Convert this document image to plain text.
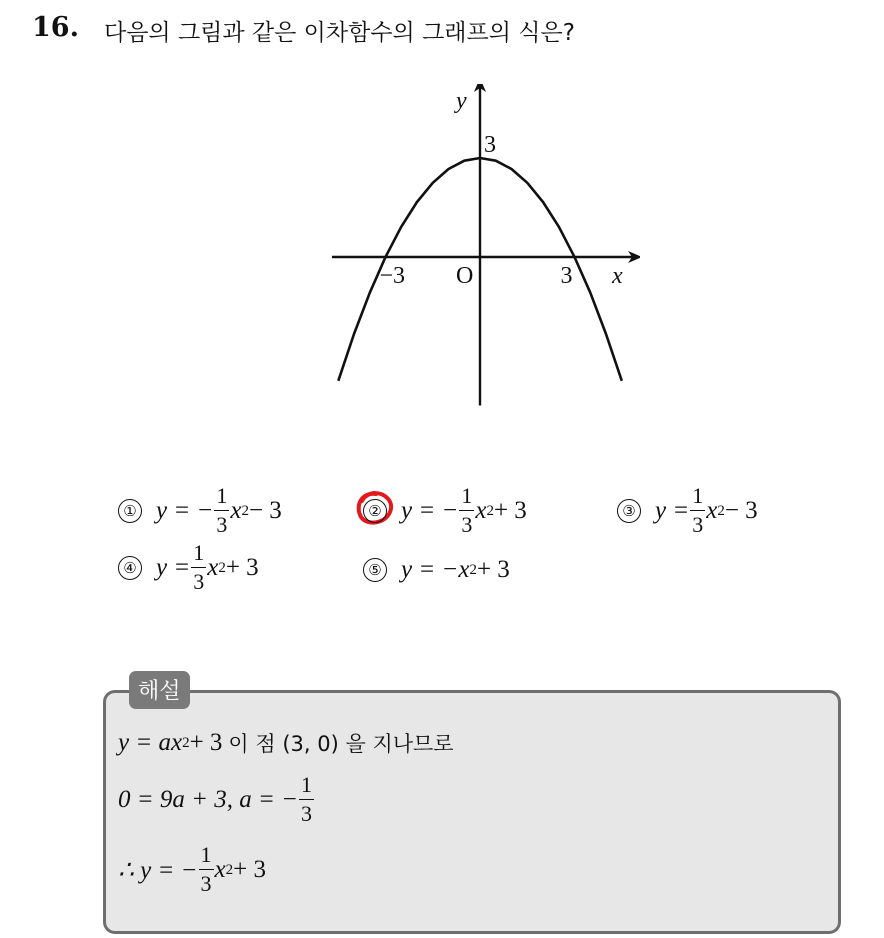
16. 다음의 그림과 같은 이차함수의 그래프의 식은?
y
x
O
−3	3
3
① y = − $\frac{1}{3}$ x 2 − 3	② y = − $\frac{1}{3}$ x 2 + 3	③ $y = \frac{1}{3}$ x 2 − 3
④ $y = \frac{1}{3}$ x 2 + 3	⑤ y = −x 2 + 3
해설
y = ax 2 + 3 이 점 (3, 0) 을 지나므로
0 = 9a + 3, a = − $\frac{1}{3}$
∴ y = − $\frac{1}{3}$ x 2 + 3
